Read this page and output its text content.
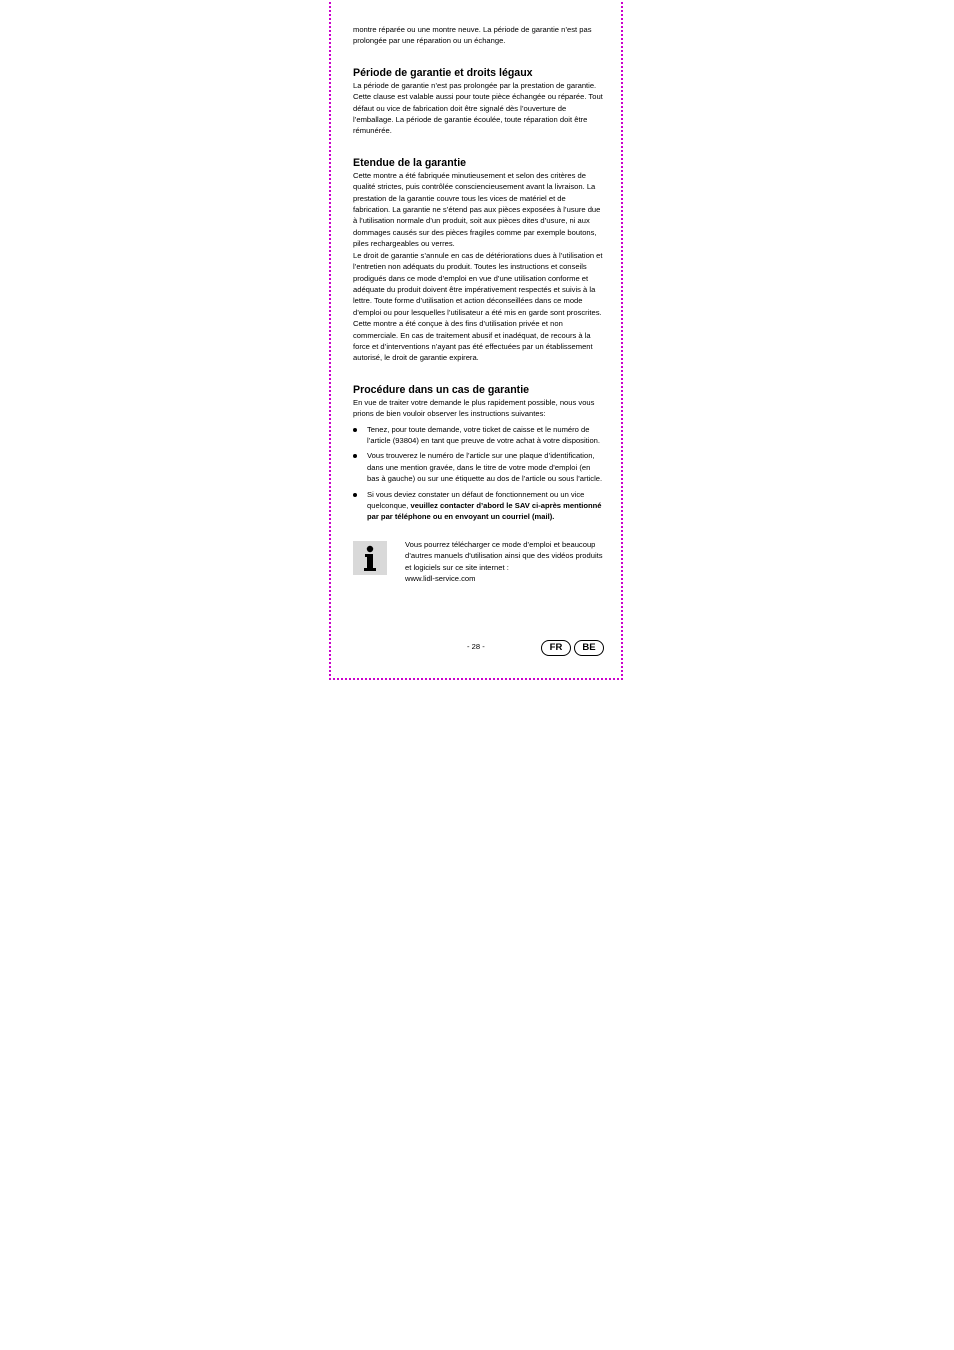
montre réparée ou une montre neuve. La période de garantie n’est pas prolongée par une réparation ou un échange.

Période de garantie et droits légaux

La période de garantie n’est pas prolongée par la prestation de garantie. Cette clause est valable aussi pour toute pièce échangée ou réparée. Tout défaut ou vice de fabrication doit être signalé dès l’ouverture de l’emballage. La période de garantie écoulée, toute réparation doit être rémunérée.

Etendue de la garantie

Cette montre a été fabriquée minutieusement et selon des critères de qualité strictes, puis contrôlée consciencieusement avant la livraison. La prestation de la garantie couvre tous les vices de matériel et de fabrication. La garantie ne s’étend pas aux pièces exposées à l’usure due à l’utilisation normale d’un produit, soit aux pièces dites d’usure, ni aux dommages causés sur des pièces fragiles comme par exemple boutons, piles rechargeables ou verres.

Le droit de garantie s’annule en cas de détériorations dues à l’utilisation et l’entretien non adéquats du produit. Toutes les instructions et conseils prodigués dans ce mode d’emploi en vue d’une utilisation conforme et adéquate du produit doivent être impérativement respectés et suivis à la lettre. Toute forme d’utilisation et action déconseillées dans ce mode d’emploi ou pour lesquelles l’utilisateur a été mis en garde sont proscrites.

Cette montre a été conçue à des fins d’utilisation privée et non commerciale. En cas de traitement abusif et inadéquat, de recours à la force et d’interventions n’ayant pas été effectuées par un établissement autorisé, le droit de garantie expirera.

Procédure dans un cas de garantie

En vue de traiter votre demande le plus rapidement possible, nous vous prions de bien vouloir observer les instructions suivantes:

Tenez, pour toute demande, votre ticket de caisse et le numéro de l’article (93804) en tant que preuve de votre achat à votre disposition.
Vous trouverez le numéro de l’article sur une plaque d’identification, dans une mention gravée, dans le titre de votre mode d’emploi (en bas à gauche) ou sur une étiquette au dos de l’article ou sous l’article.
Si vous deviez constater un défaut de fonctionnement ou un vice quelconque, veuillez contacter d’abord le SAV ci-après mentionné par par téléphone ou en envoyant un courriel (mail).

Vous pourrez télécharger ce mode d’emploi et beaucoup d’autres manuels d’utilisation ainsi que des vidéos produits et logiciels sur ce site internet :

www.lidl-service.com

- 28 -	FR	BE
